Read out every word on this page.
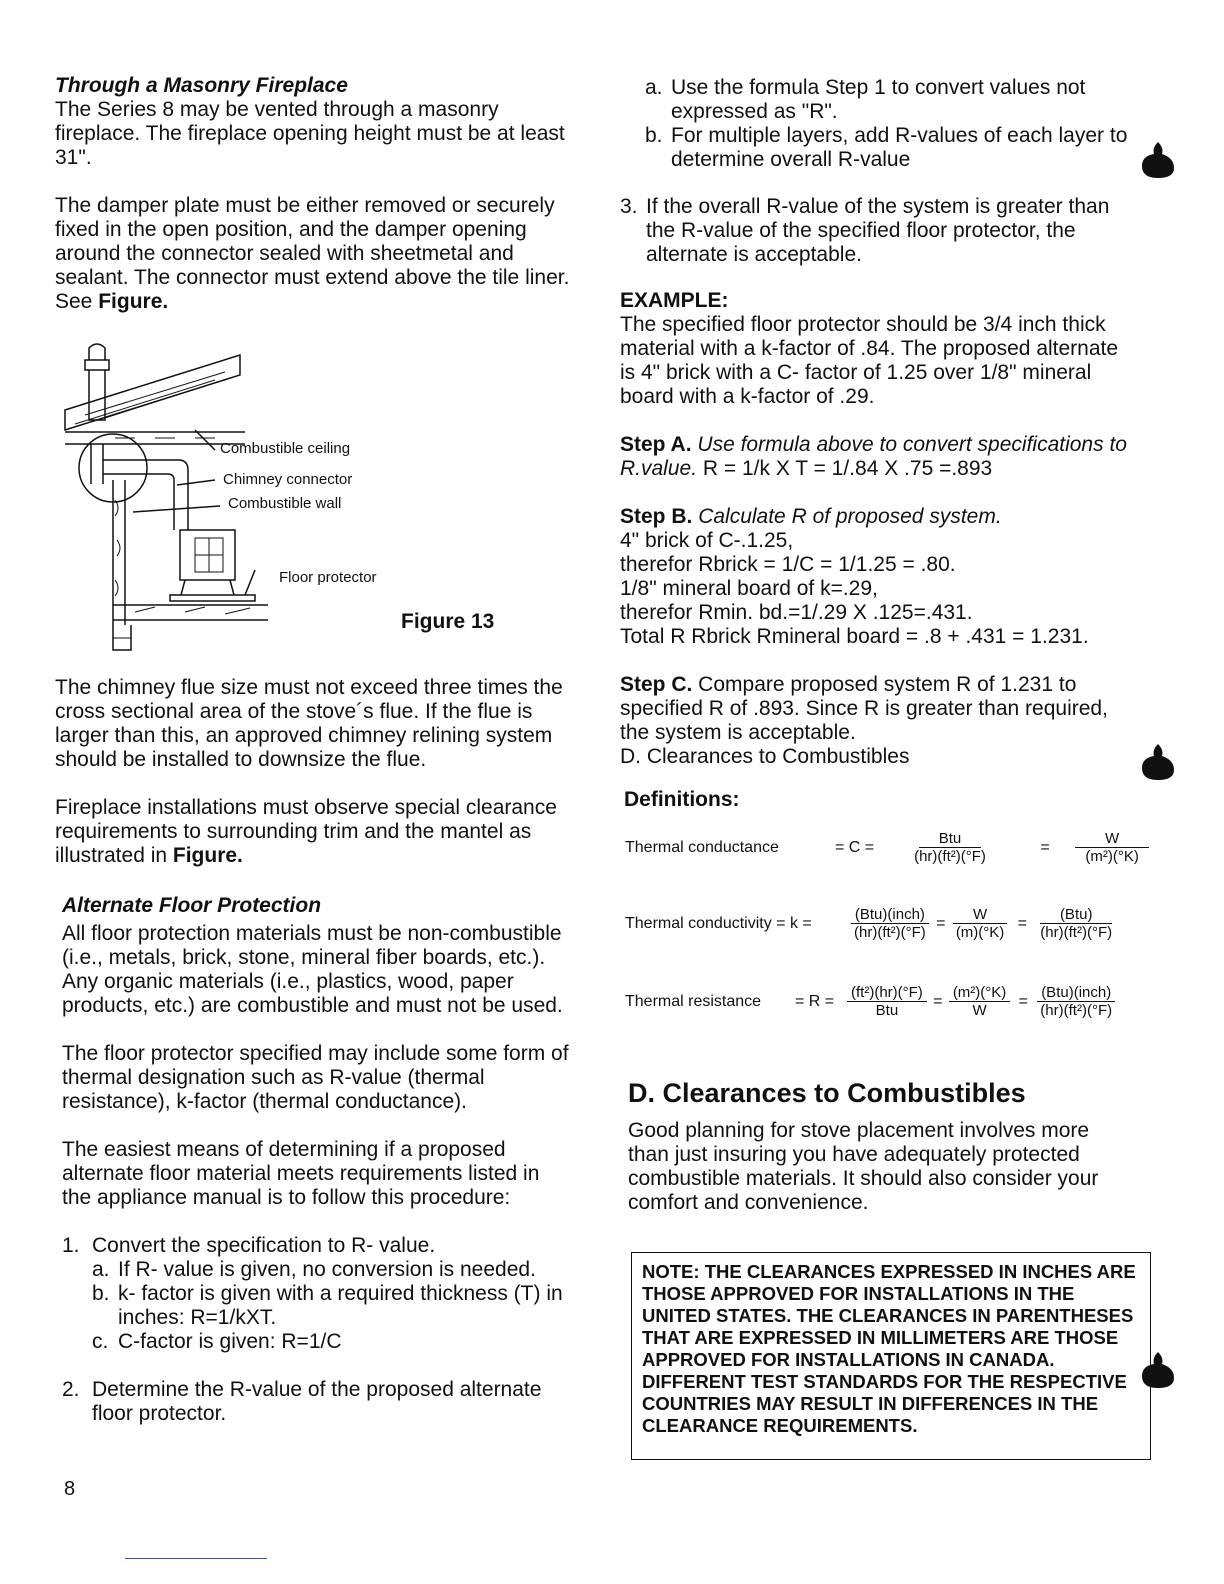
Through a Masonry Fireplace

The Series 8 may be vented through a masonry fireplace. The fireplace opening height must be at least 31".

The damper plate must be either removed or securely fixed in the open position, and the damper opening around the connector sealed with sheetmetal and sealant. The connector must extend above the tile liner. See Figure.

Combustible ceiling
Chimney connector
Combustible wall
Floor protector
Figure 13

The chimney flue size must not exceed three times the cross sectional area of the stove´s flue. If the flue is larger than this, an approved chimney relining system should be installed to downsize the flue.

Fireplace installations must observe special clearance requirements to surrounding trim and the mantel as illustrated in Figure.

Alternate Floor Protection

All floor protection materials must be non-combustible (i.e., metals, brick, stone, mineral fiber boards, etc.). Any organic materials (i.e., plastics, wood, paper products, etc.) are combustible and must not be used.

The floor protector specified may include some form of thermal designation such as R-value (thermal resistance), k-factor (thermal conductance).

The easiest means of determining if a proposed alternate floor material meets requirements listed in the appliance manual is to follow this procedure:

1. Convert the specification to R- value.
a. If R- value is given, no conversion is needed.
b. k- factor is given with a required thickness (T) in inches: R=1/kXT.
c. C-factor is given: R=1/C
2. Determine the R-value of the proposed alternate floor protector.
8
a. Use the formula Step 1 to convert values not expressed as "R".
b. For multiple layers, add R-values of each layer to determine overall R-value
3. If the overall R-value of the system is greater than the R-value of the specified floor protector, the alternate is acceptable.

EXAMPLE:

The specified floor protector should be 3/4 inch thick material with a k-factor of .84. The proposed alternate is 4" brick with a C- factor of 1.25 over 1/8" mineral board with a k-factor of .29.

Step A. Use formula above to convert specifications to R.value. R = 1/k X T = 1/.84 X .75 =.893

Step B. Calculate R of proposed system.

4" brick of C-.1.25,

therefor Rbrick = 1/C = 1/1.25 = .80.

1/8" mineral board of k=.29,

therefor Rmin. bd.=1/.29 X .125=.431.

Total R Rbrick Rmineral board = .8 + .431 = 1.231.

Step C. Compare proposed system R of 1.231 to specified R of .893. Since R is greater than required, the system is acceptable.

D. Clearances to Combustibles

Definitions:
Thermal conductance	= $C = \frac{\text{Btu}}{\text{(hr)(ft²)(°F)}}$	=	$\frac{W}{\text{(m²)(°K)}}$
Thermal conductivity = k =	$\frac{\text{(Btu)(inch)}}{\text{(hr)(ft²)(°F)}} = \frac{W}{(m)(^\circ K)} = \frac{\text{(Btu)}}{\text{(hr)(ft²)(°F)}}$
Thermal resistance	= $R = \frac{\text{(ft²)(hr)(°F)}}{\text{Btu}} = \frac{\text{(m²)(°K)}}{W} = \frac{\text{(Btu)(inch)}}{\text{(hr)(ft²)(°F)}}$
D. Clearances to Combustibles
Good planning for stove placement involves more than just insuring you have adequately protected combustible materials. It should also consider your comfort and convenience.
NOTE: THE CLEARANCES EXPRESSED IN INCHES ARE THOSE APPROVED FOR INSTALLATIONS IN THE UNITED STATES. THE CLEARANCES IN PARENTHESES THAT ARE EXPRESSED IN MILLIMETERS ARE THOSE APPROVED FOR INSTALLATIONS IN CANADA. DIFFERENT TEST STANDARDS FOR THE RESPECTIVE COUNTRIES MAY RESULT IN DIFFERENCES IN THE CLEARANCE REQUIREMENTS.
